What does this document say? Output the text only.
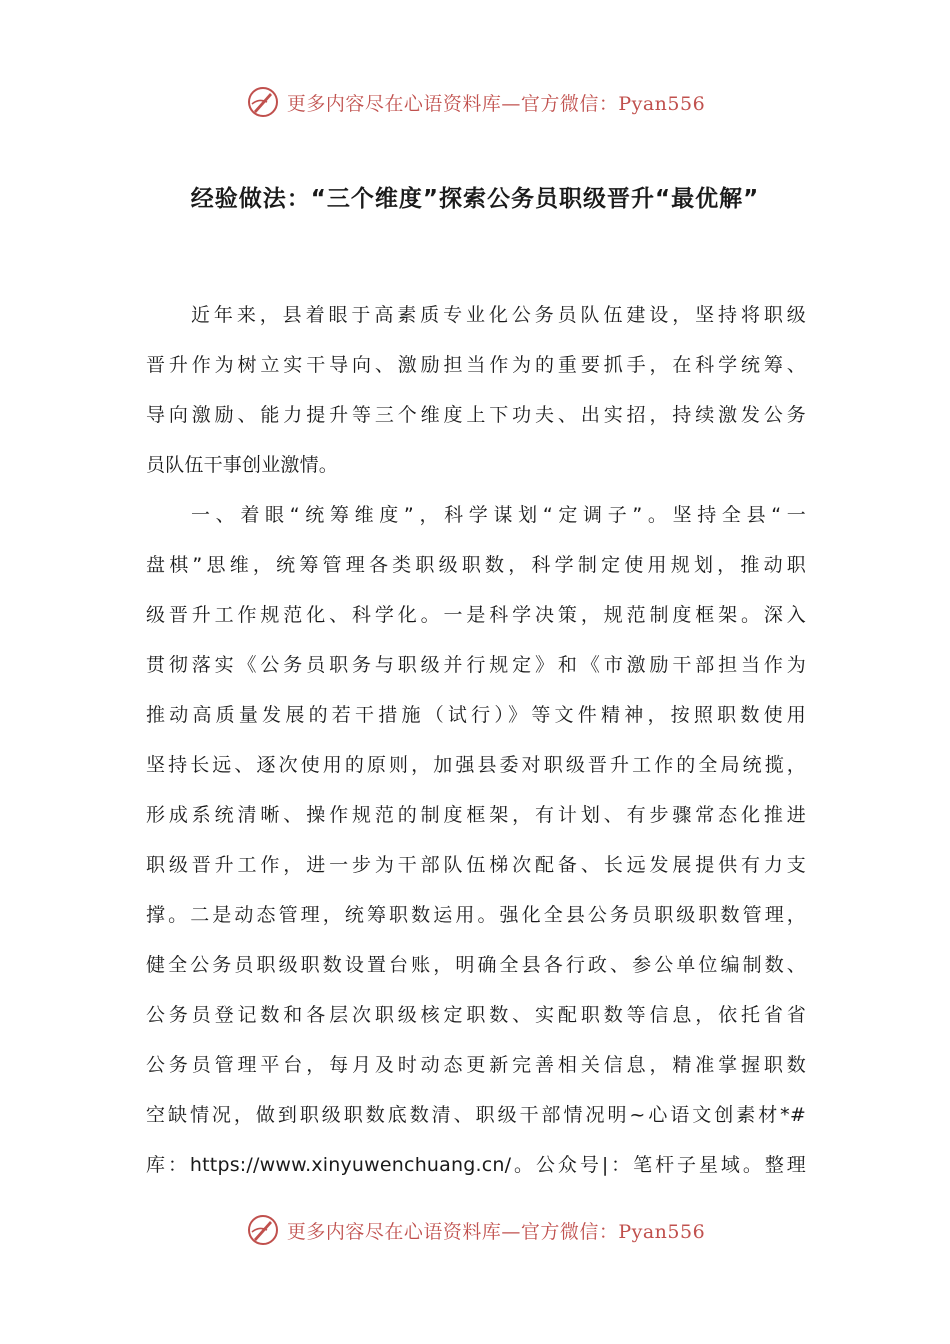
更多内容尽在心语资料库—官方微信：Pyan556
经验做法：“三个维度”探索公务员职级晋升“最优解”
近年来，县着眼于高素质专业化公务员队伍建设，坚持将职级
晋升作为树立实干导向、激励担当作为的重要抓手，在科学统筹、
导向激励、能力提升等三个维度上下功夫、出实招，持续激发公务
员队伍干事创业激情。
一、着眼“统筹维度”，科学谋划“定调子”。坚持全县“一
盘棋”思维，统筹管理各类职级职数，科学制定使用规划，推动职
级晋升工作规范化、科学化。一是科学决策，规范制度框架。深入
贯彻落实《公务员职务与职级并行规定》和《市激励干部担当作为
推动高质量发展的若干措施（试行）》等文件精神，按照职数使用
坚持长远、逐次使用的原则，加强县委对职级晋升工作的全局统揽，
形成系统清晰、操作规范的制度框架，有计划、有步骤常态化推进
职级晋升工作，进一步为干部队伍梯次配备、长远发展提供有力支
撑。二是动态管理，统筹职数运用。强化全县公务员职级职数管理，
健全公务员职级职数设置台账，明确全县各行政、参公单位编制数、
公务员登记数和各层次职级核定职数、实配职数等信息，依托省省
公务员管理平台，每月及时动态更新完善相关信息，精准掌握职数
空缺情况，做到职级职数底数清、职级干部情况明~心语文创素材*#
库：https://www.xinyuwenchuang.cn/。公众号|：笔杆子星域。整理
更多内容尽在心语资料库—官方微信：Pyan556
